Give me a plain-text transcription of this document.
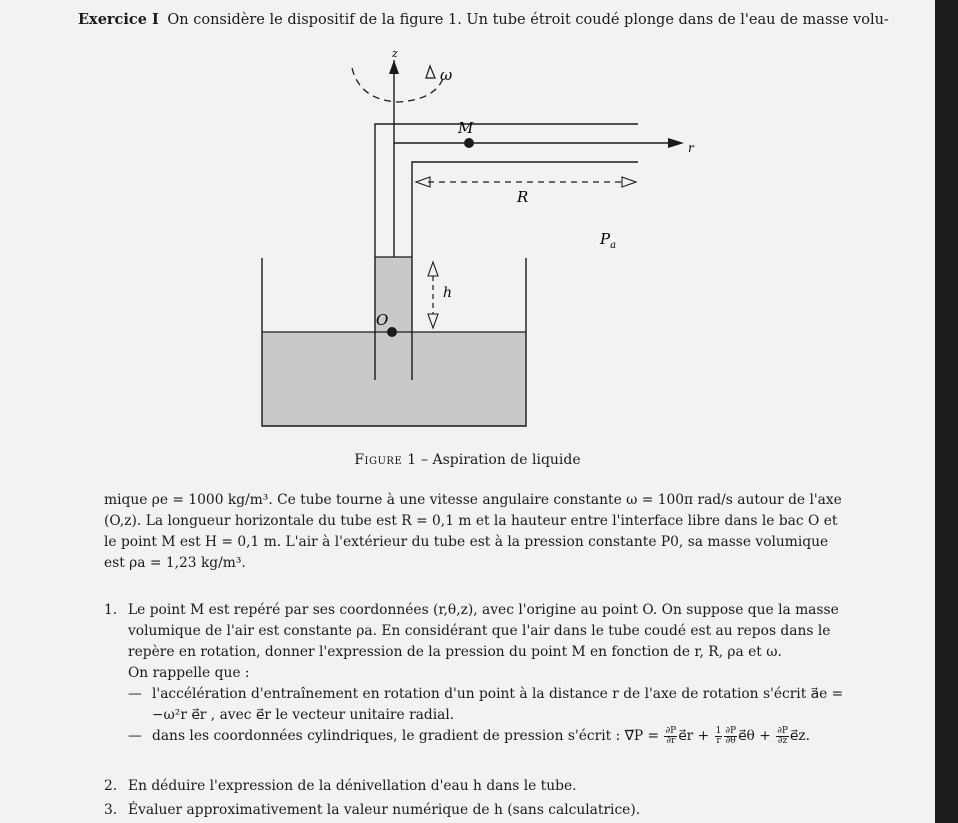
Exercice I On considère le dispositif de la figure 1. Un tube étroit coudé plonge dans de l'eau de masse volu-
z
ω
r
M
R
$P_a$
h
O
Figure 1 – Aspiration de liquide

mique ρe = 1000 kg/m³. Ce tube tourne à une vitesse angulaire constante ω = 100π rad/s autour de l'axe

(O,z). La longueur horizontale du tube est R = 0,1 m et la hauteur entre l'interface libre dans le bac O et

le point M est H = 0,1 m. L'air à l'extérieur du tube est à la pression constante P0, sa masse volumique

est ρa = 1,23 kg/m³.

1. Le point M est repéré par ses coordonnées (r,θ,z), avec l'origine au point O. On suppose que la masse

volumique de l'air est constante ρa. En considérant que l'air dans le tube coudé est au repos dans le

repère en rotation, donner l'expression de la pression du point M en fonction de r, R, ρa et ω.

On rappelle que :

— l'accélération d'entraînement en rotation d'un point à la distance r de l'axe de rotation s'écrit a⃗e =
−ω²r e⃗r , avec e⃗r le vecteur unitaire radial.
— dans les coordonnées cylindriques, le gradient de pression s'écrit : ∇⃗P = $\frac{\partial P}{\partial r}$ e⃗r + $\frac{1}{r} \frac{\partial P}{\partial\theta}$ e⃗θ + $\frac{\partial P}{\partial z}$ e⃗z.
2. En déduire l'expression de la dénivellation d'eau h dans le tube.

3. Évaluer approximativement la valeur numérique de h (sans calculatrice).
